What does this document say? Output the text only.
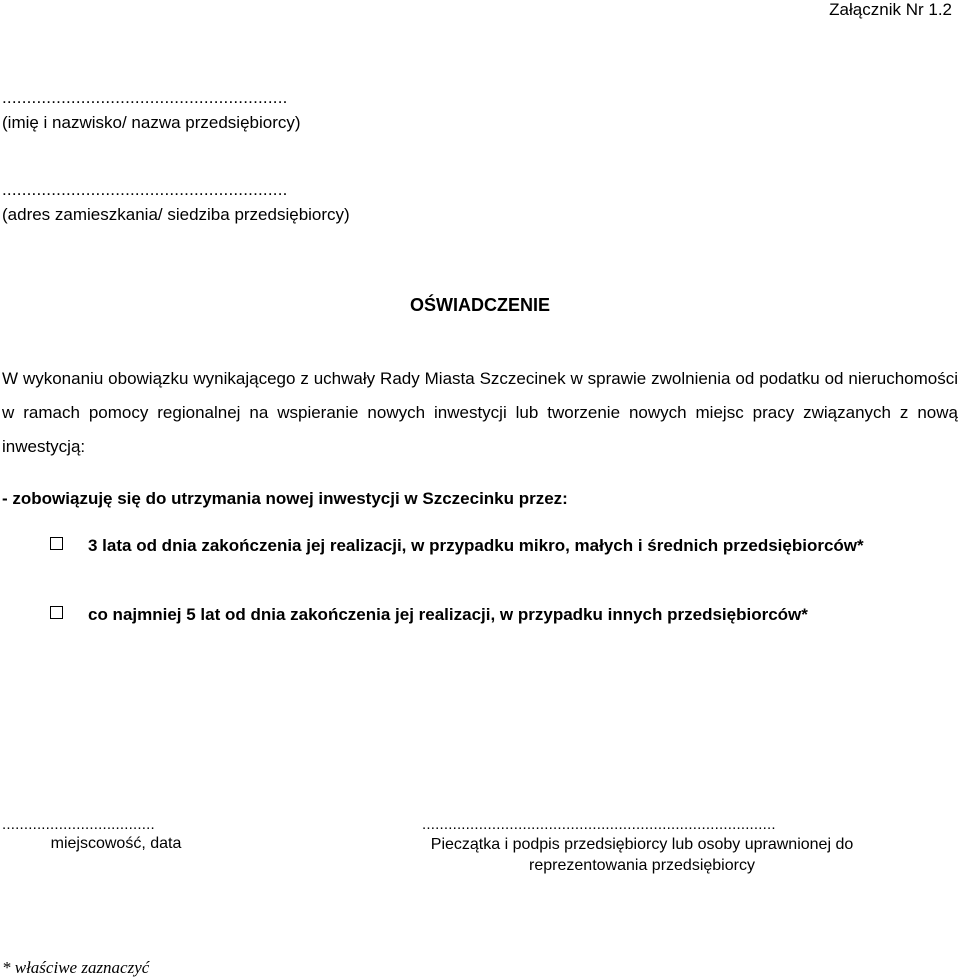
Załącznik Nr 1.2
..........................................................
(imię i nazwisko/ nazwa przedsiębiorcy)
..........................................................
(adres zamieszkania/ siedziba przedsiębiorcy)
OŚWIADCZENIE
W wykonaniu obowiązku wynikającego z uchwały Rady Miasta Szczecinek w sprawie zwolnienia od podatku od nieruchomości w ramach pomocy regionalnej na wspieranie nowych inwestycji lub tworzenie nowych miejsc pracy związanych z nową inwestycją:
- zobowiązuję się do utrzymania nowej inwestycji w Szczecinku przez:
3 lata od dnia zakończenia jej realizacji, w przypadku mikro, małych i średnich przedsiębiorców*
co najmniej 5 lat od dnia zakończenia jej realizacji, w przypadku innych przedsiębiorców*
...................................
miejscowość, data
.................................................................................
Pieczątka i podpis przedsiębiorcy lub osoby uprawnionej do reprezentowania przedsiębiorcy
* właściwe zaznaczyć
